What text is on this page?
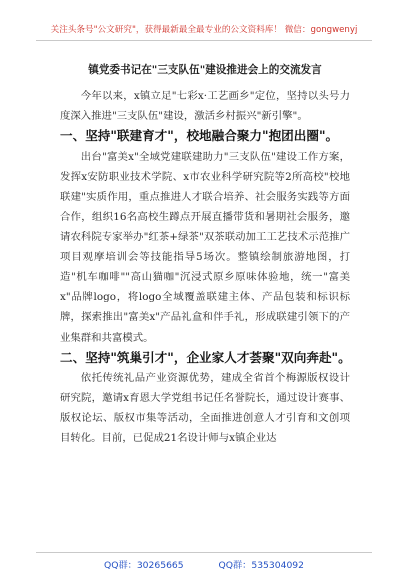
关注头条号"公文研究"，获得最新最全最专业的公文资料库！ 微信：gongwenyj
镇党委书记在"三支队伍"建设推进会上的交流发言

今年以来，x镇立足"七彩x·工艺画乡"定位，坚持以头号力度深入推进"三支队伍"建设，激活乡村振兴"新引擎"。

一、坚持"联建育才"，校地融合聚力"抱团出圈"。

出台"富美x"全域党建联建助力"三支队伍"建设工作方案，发挥x安防职业技术学院、x市农业科学研究院等2所高校"校地联建"实质作用，重点推进人才联合培养、社会服务实践等方面合作，组织16名高校生蹲点开展直播带货和暑期社会服务，邀请农科院专家举办"红茶+绿茶"双茶联动加工工艺技术示范推广项目观摩培训会等技能指导5场次。整镇绘制旅游地图，打造"机车咖啡""高山猫咖"沉浸式原乡原味体验地，统一"富美x"品牌logo，将logo全域覆盖联建主体、产品包装和标识标牌，探索推出"富美x"产品礼盒和伴手礼，形成联建引领下的产业集群和共富模式。

二、坚持"筑巢引才"，企业家人才荟聚"双向奔赴"。

依托传统礼品产业资源优势，建成全省首个梅源版权设计研究院，邀请x育恩大学党组书记任名誉院长，通过设计赛事、版权论坛、版权市集等活动，全面推进创意人才引育和文创项目转化。目前，已促成21名设计师与x镇企业达

QQ群：30265665	QQ群：535304092
